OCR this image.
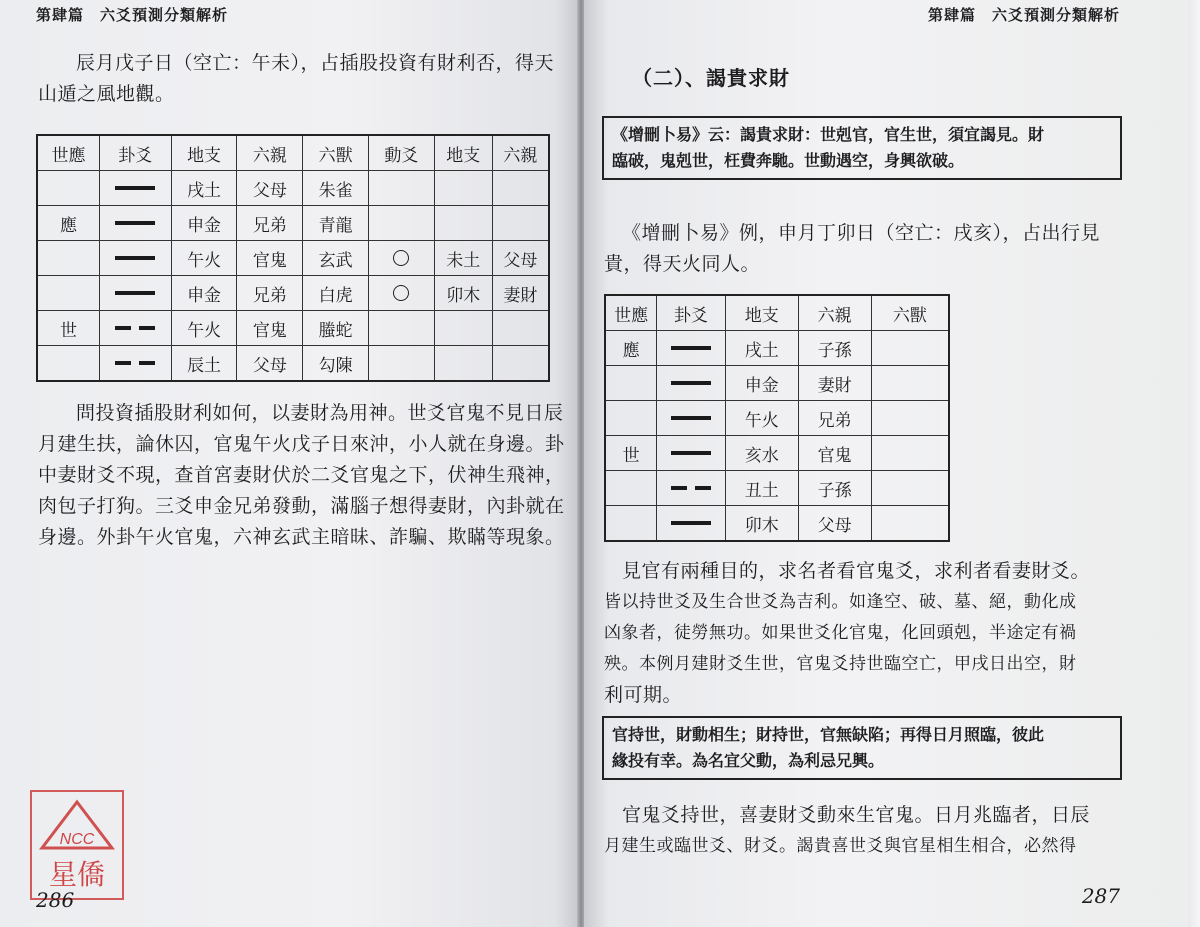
第肆篇　六爻預測分類解析
辰月戊子日（空亡：午未），占插股投資有財利否，得天
山遁之風地觀。
世應	卦爻	地支	六親	六獸	動爻	地支	六親
		戌土	父母	朱雀			
應		申金	兄弟	青龍			
		午火	官鬼	玄武		未土	父母
		申金	兄弟	白虎		卯木	妻財
世		午火	官鬼	螣蛇			
		辰土	父母	勾陳			
問投資插股財利如何，以妻財為用神。世爻官鬼不見日辰
月建生扶，論休囚，官鬼午火戊子日來沖，小人就在身邊。卦
中妻財爻不現，查首宮妻財伏於二爻官鬼之下，伏神生飛神，
肉包子打狗。三爻申金兄弟發動，滿腦子想得妻財，內卦就在
身邊。外卦午火官鬼，六神玄武主暗昧、詐騙、欺瞞等現象。
NCC
星僑
286
第肆篇　六爻預測分類解析
（二）、謁貴求財
《增刪卜易》云：謁貴求財：世剋官，官生世，須宜謁見。財
臨破，鬼剋世，枉費奔馳。世動遇空，身興欲破。
《增刪卜易》例，申月丁卯日（空亡：戌亥），占出行見
貴，得天火同人。
世應	卦爻	地支	六親	六獸
應		戌土	子孫	
		申金	妻財	
		午火	兄弟	
世		亥水	官鬼	
		丑土	子孫	
		卯木	父母	
見官有兩種目的，求名者看官鬼爻，求利者看妻財爻。
皆以持世爻及生合世爻為吉利。如逢空、破、墓、絕，動化成
凶象者，徒勞無功。如果世爻化官鬼，化回頭剋，半途定有禍
殃。本例月建財爻生世，官鬼爻持世臨空亡，甲戌日出空，財
利可期。
官持世，財動相生；財持世，官無缺陷；再得日月照臨，彼此
緣投有幸。為名宜父動，為利忌兄興。
官鬼爻持世，喜妻財爻動來生官鬼。日月兆臨者，日辰
月建生或臨世爻、財爻。謁貴喜世爻與官星相生相合，必然得
287
